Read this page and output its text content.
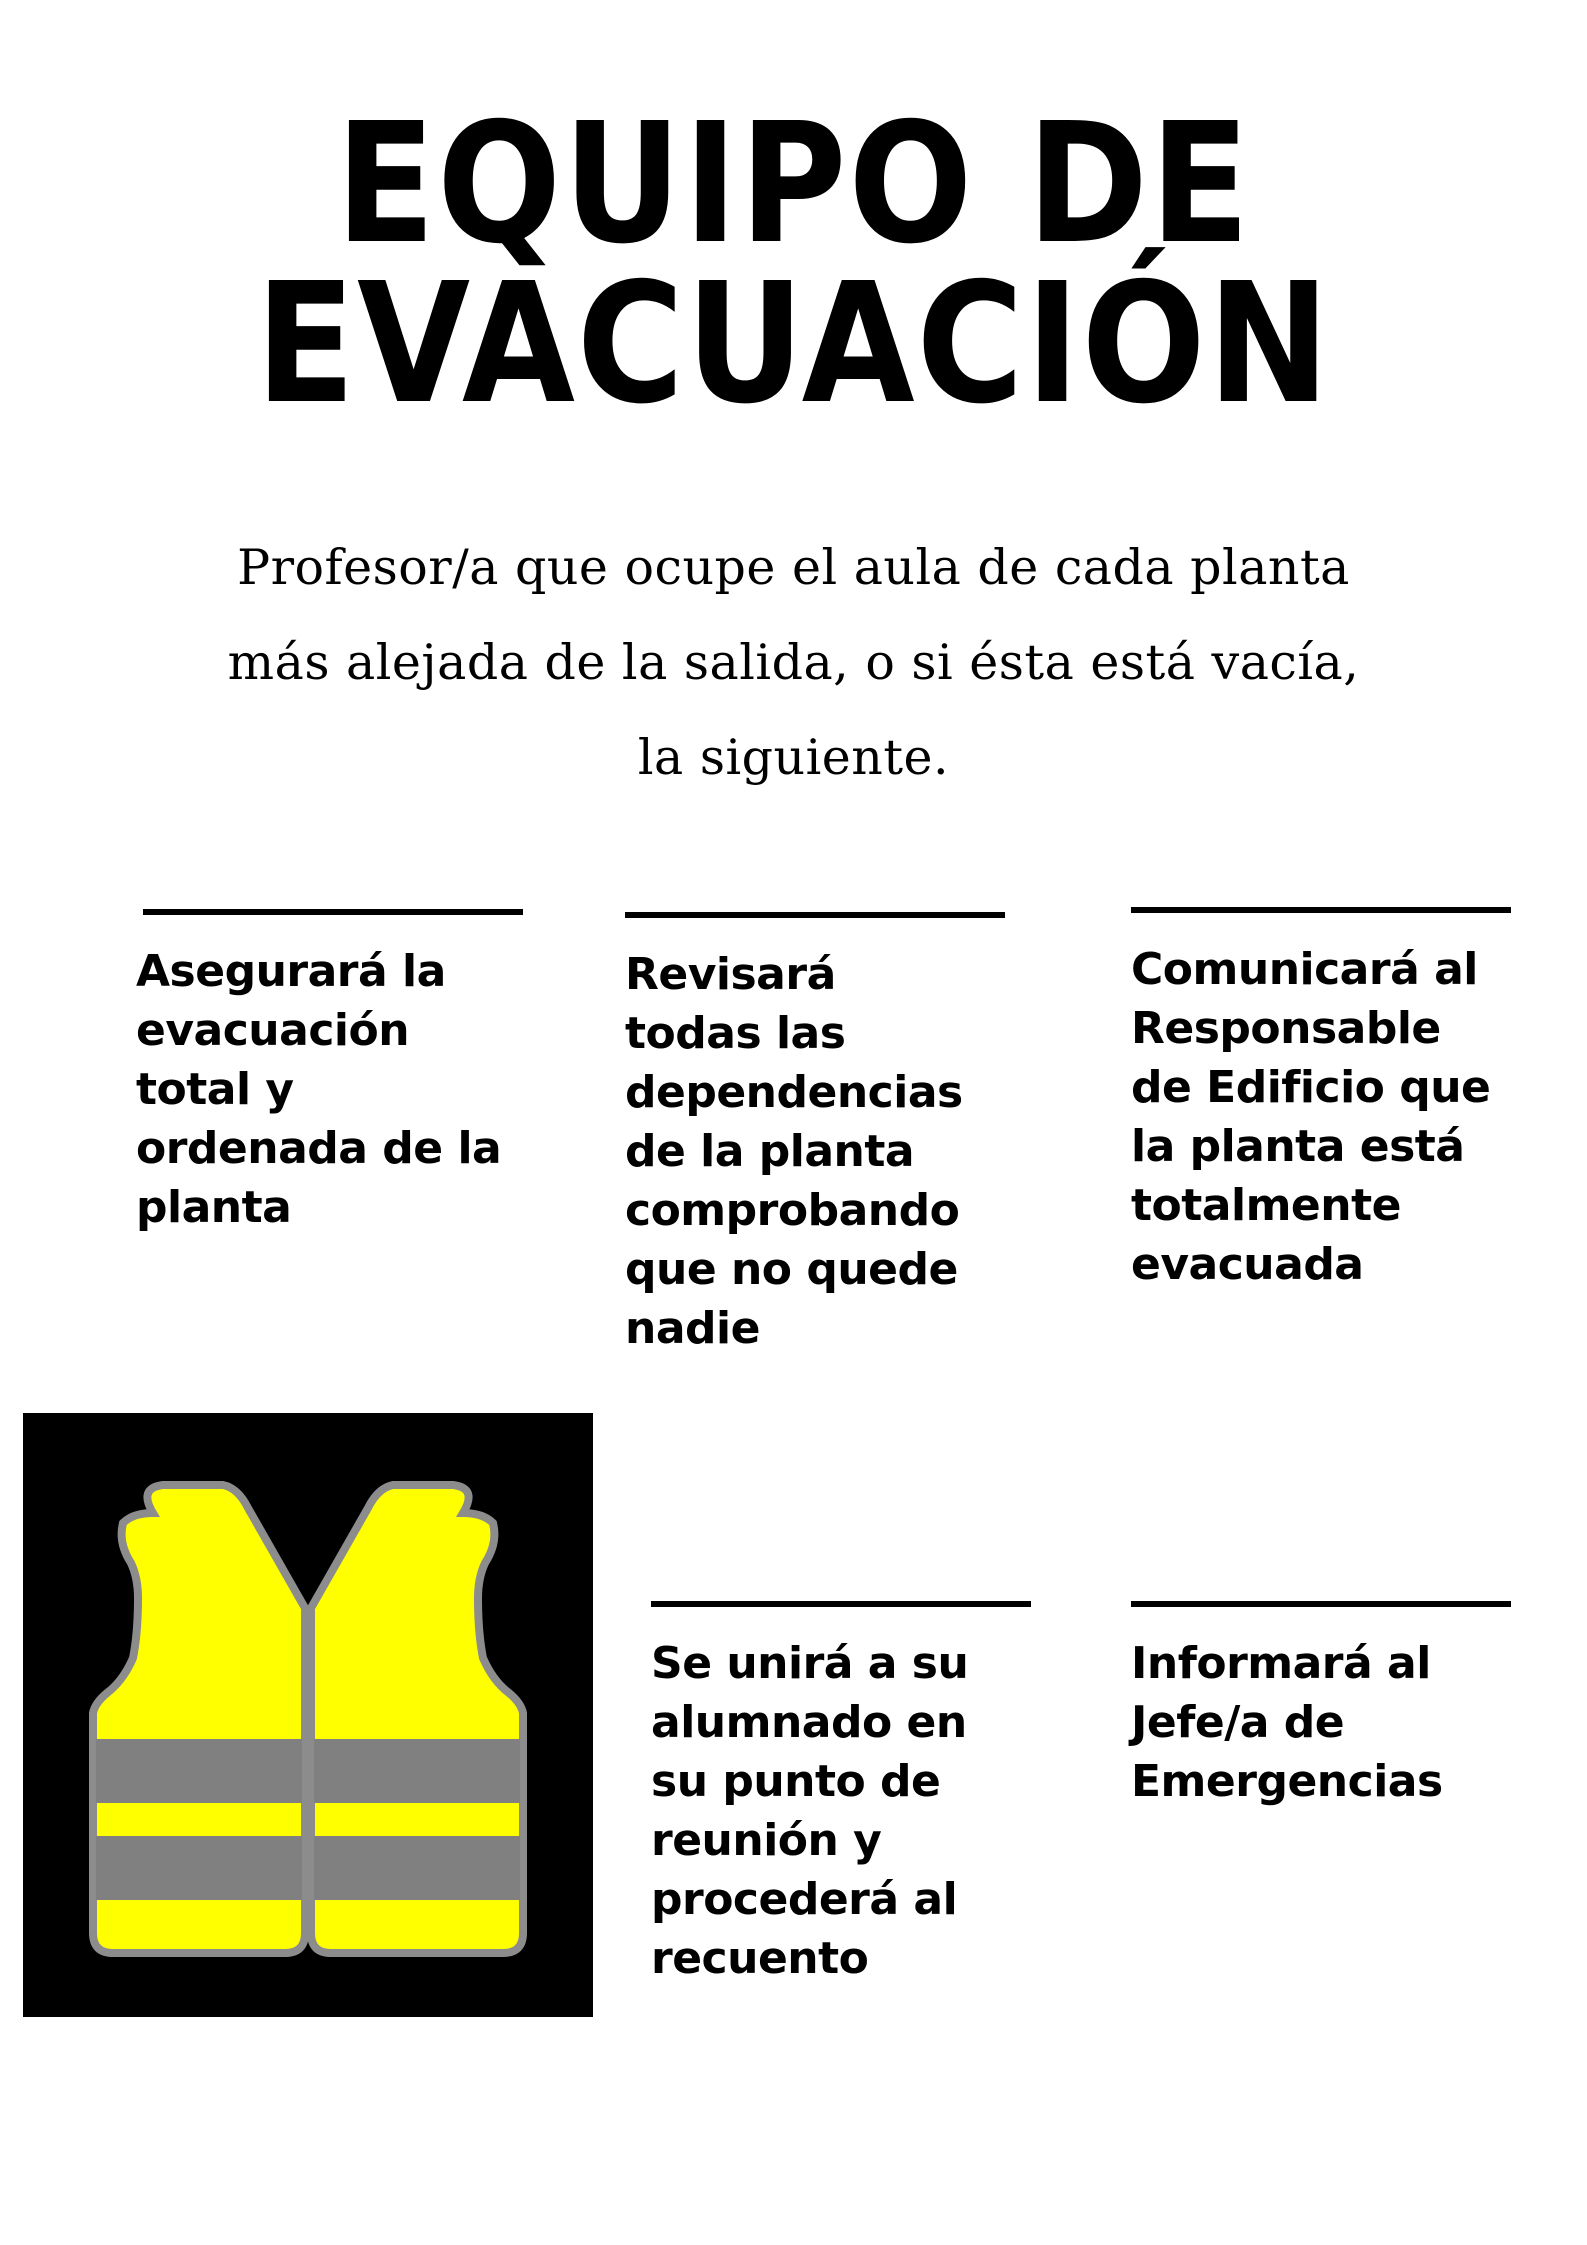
EQUIPO DE
EVACUACIÓN

Profesor/a que ocupe el aula de cada planta más alejada de la salida, o si ésta está vacía, la siguiente.

Asegurará la evacuación total y ordenada de la planta
Revisará todas las dependencias de la planta comprobando que no quede nadie
Comunicará al Responsable de Edificio que la planta está totalmente evacuada
Se unirá a su alumnado en su punto de reunión y procederá al recuento
Informará al Jefe/a de Emergencias
